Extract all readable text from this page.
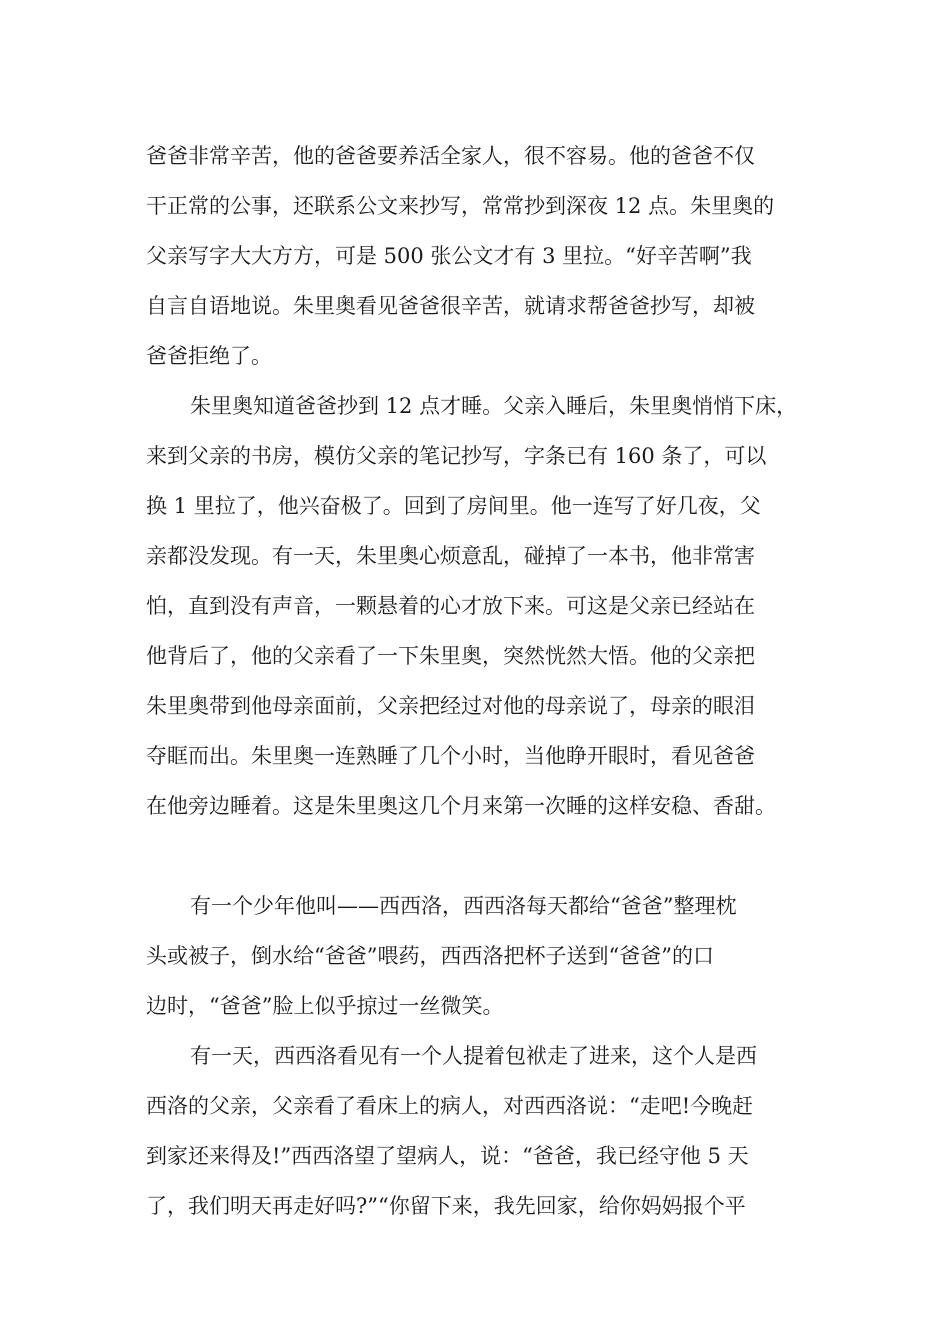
爸爸非常辛苦，他的爸爸要养活全家人，很不容易。他的爸爸不仅
干正常的公事，还联系公文来抄写，常常抄到深夜 12 点。朱里奥的
父亲写字大大方方，可是 500 张公文才有 3 里拉。“好辛苦啊”我
自言自语地说。朱里奥看见爸爸很辛苦，就请求帮爸爸抄写，却被
爸爸拒绝了。
朱里奥知道爸爸抄到 12 点才睡。父亲入睡后，朱里奥悄悄下床，
来到父亲的书房，模仿父亲的笔记抄写，字条已有 160 条了，可以
换 1 里拉了，他兴奋极了。回到了房间里。他一连写了好几夜，父
亲都没发现。有一天，朱里奥心烦意乱，碰掉了一本书，他非常害
怕，直到没有声音，一颗悬着的心才放下来。可这是父亲已经站在
他背后了，他的父亲看了一下朱里奥，突然恍然大悟。他的父亲把
朱里奥带到他母亲面前，父亲把经过对他的母亲说了，母亲的眼泪
夺眶而出。朱里奥一连熟睡了几个小时，当他睁开眼时，看见爸爸
在他旁边睡着。这是朱里奥这几个月来第一次睡的这样安稳、香甜。
有一个少年他叫——西西洛，西西洛每天都给“爸爸”整理枕
头或被子，倒水给“爸爸”喂药，西西洛把杯子送到“爸爸”的口
边时，“爸爸”脸上似乎掠过一丝微笑。
有一天，西西洛看见有一个人提着包袱走了进来，这个人是西
西洛的父亲，父亲看了看床上的病人，对西西洛说：“走吧!今晚赶
到家还来得及!”西西洛望了望病人，说：“爸爸，我已经守他 5 天
了，我们明天再走好吗?”“你留下来，我先回家，给你妈妈报个平
